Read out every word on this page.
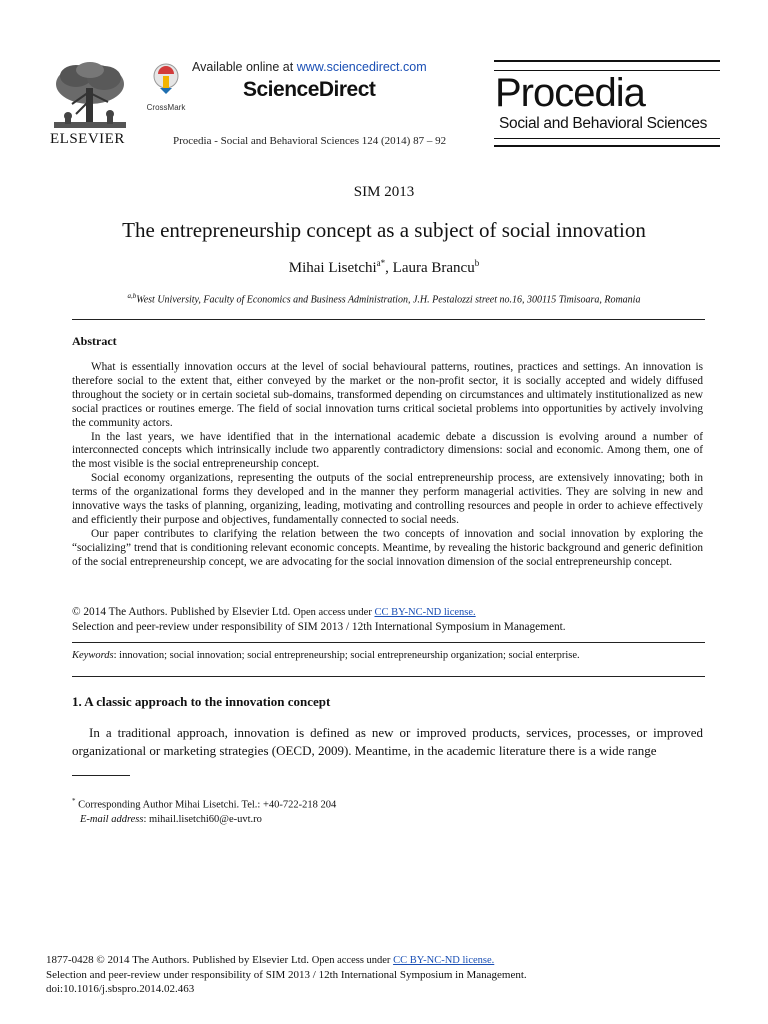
ELSEVIER
CrossMark
Available online at www.sciencedirect.com
ScienceDirect
Procedia - Social and Behavioral Sciences 124 (2014) 87 – 92
Procedia
Social and Behavioral Sciences
SIM 2013
The entrepreneurship concept as a subject of social innovation
Mihai Lisetchi$^{a*}$, Laura Brancu$^b$
$^{a,b}$West University, Faculty of Economics and Business Administration, J.H. Pestalozzi street no.16, 300115 Timisoara, Romania
Abstract

What is essentially innovation occurs at the level of social behavioural patterns, routines, practices and settings. An innovation is therefore social to the extent that, either conveyed by the market or the non-profit sector, it is socially accepted and widely diffused throughout the society or in certain societal sub-domains, transformed depending on circumstances and ultimately institutionalized as new social practices or routines emerge. The field of social innovation turns critical societal problems into opportunities by actively involving the community actors.

In the last years, we have identified that in the international academic debate a discussion is evolving around a number of interconnected concepts which intrinsically include two apparently contradictory dimensions: social and economic. Among them, one of the most visible is the social entrepreneurship concept.

Social economy organizations, representing the outputs of the social entrepreneurship process, are extensively innovating; both in terms of the organizational forms they developed and in the manner they perform managerial activities. They are solving in new and innovative ways the tasks of planning, organizing, leading, motivating and controlling resources and people in order to achieve effectively and efficiently their purpose and objectives, fundamentally connected to social needs.

Our paper contributes to clarifying the relation between the two concepts of innovation and social innovation by exploring the “socializing” trend that is conditioning relevant economic concepts. Meantime, by revealing the historic background and generic definition of the social entrepreneurship concept, we are advocating for the social innovation dimension of the social entrepreneurship concept.

© 2014 The Authors. Published by Elsevier Ltd. Open access under CC BY-NC-ND license.
Selection and peer-review under responsibility of SIM 2013 / 12th International Symposium in Management.
Keywords: innovation; social innovation; social entrepreneurship; social entrepreneurship organization; social enterprise.
1. A classic approach to the innovation concept
In a traditional approach, innovation is defined as new or improved products, services, processes, or improved organizational or marketing strategies (OECD, 2009). Meantime, in the academic literature there is a wide range
* Corresponding Author Mihai Lisetchi. Tel.: +40-722-218 204
E-mail address: mihail.lisetchi60@e-uvt.ro
1877-0428 © 2014 The Authors. Published by Elsevier Ltd. Open access under CC BY-NC-ND license.
Selection and peer-review under responsibility of SIM 2013 / 12th International Symposium in Management.
doi:10.1016/j.sbspro.2014.02.463
